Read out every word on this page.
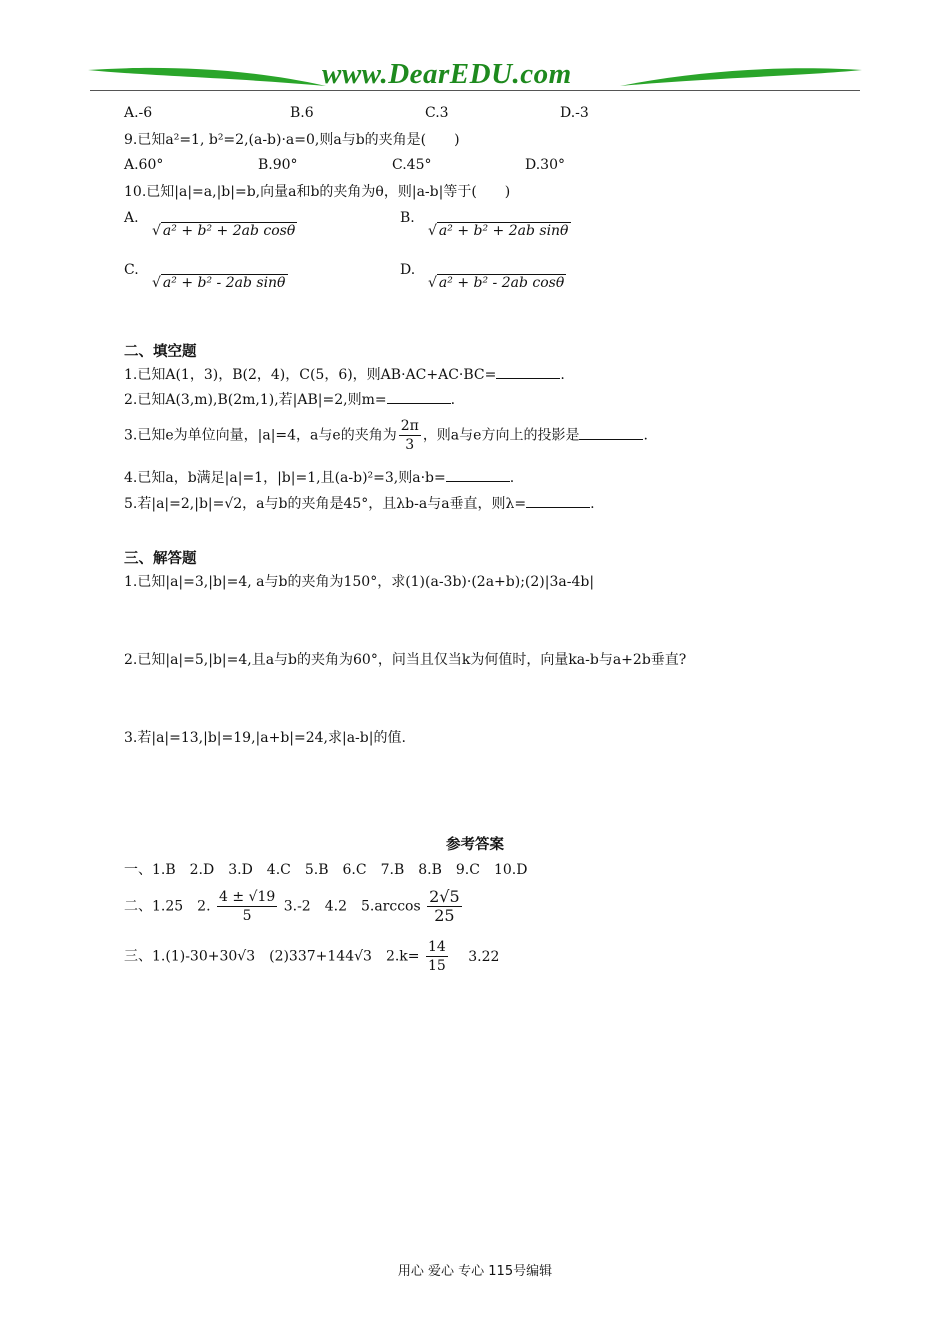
www.DearEDU.com
A.-6	B.6	C.3	D.-3
9.已知a²=1, b²=2,(a-b)·a=0,则a与b的夹角是(　　)
A.60°	B.90°	C.45°	D.30°
10.已知|a|=a,|b|=b,向量a和b的夹角为θ，则|a-b|等于(　　)
A.
√ a² + b² + 2ab cosθ
B.
√ a² + b² + 2ab sinθ
C.
√ a² + b² - 2ab sinθ
D.
√ a² + b² - 2ab cosθ
二、填空题
1.已知A(1，3)，B(2，4)，C(5，6)，则AB·AC+AC·BC=	.
2.已知A(3,m),B(2m,1),若|AB|=2,则m=	.
3.已知e为单位向量，|a|=4，a与e的夹角为 $\frac{2\pi}{3}$ ，则a与e方向上的投影是	.
4.已知a，b满足|a|=1，|b|=1,且(a-b)²=3,则a·b=	.
5.若|a|=2,|b|=√2，a与b的夹角是45°，且λb-a与a垂直，则λ=	.
三、解答题
1.已知|a|=3,|b|=4, a与b的夹角为150°，求(1)(a-3b)·(2a+b);(2)|3a-4b|
2.已知|a|=5,|b|=4,且a与b的夹角为60°，问当且仅当k为何值时，向量ka-b与a+2b垂直?
3.若|a|=13,|b|=19,|a+b|=24,求|a-b|的值.
参考答案
一、1.B　2.D　3.D　4.C　5.B　6.C　7.B　8.B　9.C　10.D
二、1.25　2. $\frac{4 \pm √19}{5} 3.-2$　4.2　$5.\arccos \frac{2√5}{25}$
三、1.(1)-30+30√3　(2)337+144√3　$2.k= \frac{14}{15} 3.22$
用心 爱心 专心 115号编辑
